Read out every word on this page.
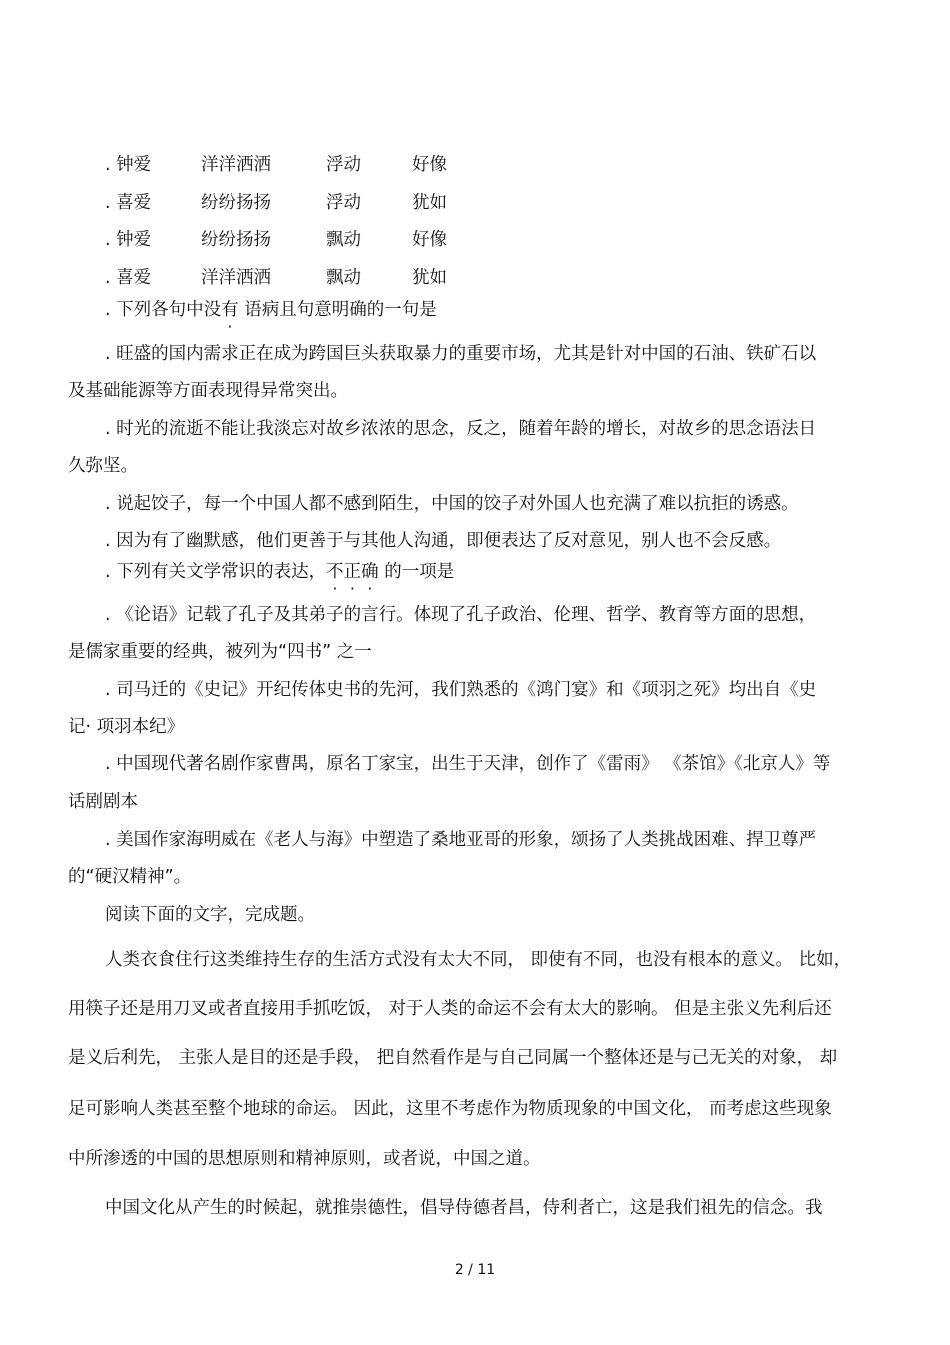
. 钟爱	洋洋洒洒	浮动	好像
. 喜爱	纷纷扬扬	浮动	犹如
. 钟爱	纷纷扬扬	飘动	好像
. 喜爱	洋洋洒洒	飘动	犹如
. 下列各句中没有 语病且句意明确的一句是
. 旺盛的国内需求正在成为跨国巨头获取暴力的重要市场，尤其是针对中国的石油、铁矿石以
及基础能源等方面表现得异常突出。
. 时光的流逝不能让我淡忘对故乡浓浓的思念，反之，随着年龄的增长，对故乡的思念语法日
久弥坚。
. 说起饺子，每一个中国人都不感到陌生，中国的饺子对外国人也充满了难以抗拒的诱惑。
. 因为有了幽默感，他们更善于与其他人沟通，即便表达了反对意见，别人也不会反感。
. 下列有关文学常识的表达，不正确 的一项是
. 《论语》记载了孔子及其弟子的言行。体现了孔子政治、伦理、哲学、教育等方面的思想，
是儒家重要的经典，被列为“四书” 之一
. 司马迁的《史记》开纪传体史书的先河，我们熟悉的《鸿门宴》和《项羽之死》均出自《史
记· 项羽本纪》
. 中国现代著名剧作家曹禺，原名丁家宝，出生于天津，创作了《雷雨》 《茶馆》《北京人》等
话剧剧本
. 美国作家海明威在《老人与海》中塑造了桑地亚哥的形象，颂扬了人类挑战困难、捍卫尊严
的“硬汉精神”。
阅读下面的文字，完成题。
人类衣食住行这类维持生存的生活方式没有太大不同， 即使有不同，也没有根本的意义。 比如，
用筷子还是用刀叉或者直接用手抓吃饭， 对于人类的命运不会有太大的影响。 但是主张义先利后还
是义后利先， 主张人是目的还是手段， 把自然看作是与自己同属一个整体还是与己无关的对象， 却
足可影响人类甚至整个地球的命运。 因此，这里不考虑作为物质现象的中国文化， 而考虑这些现象
中所渗透的中国的思想原则和精神原则，或者说，中国之道。
中国文化从产生的时候起，就推崇德性，倡导侍德者昌，侍利者亡，这是我们祖先的信念。我
2 / 11
